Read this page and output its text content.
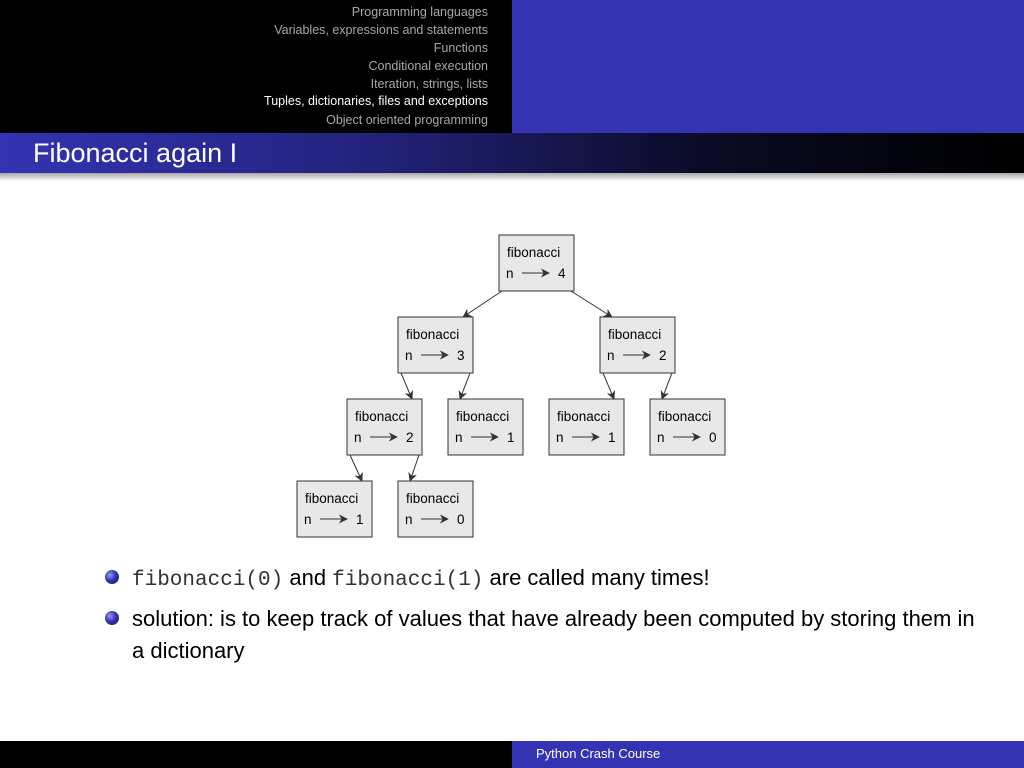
Programming languages
Variables, expressions and statements
Functions
Conditional execution
Iteration, strings, lists
Tuples, dictionaries, files and exceptions
Object oriented programming
Fibonacci again I
fibonacci
n	4
fibonacci
n	3
fibonacci
n	2
fibonacci
n	2
fibonacci
n	1
fibonacci
n	1
fibonacci
n	0
fibonacci
n	1
fibonacci
n	0
fibonacci(0) and fibonacci(1) are called many times!
solution: is to keep track of values that have already been computed by storing them in a dictionary
Python Crash Course
